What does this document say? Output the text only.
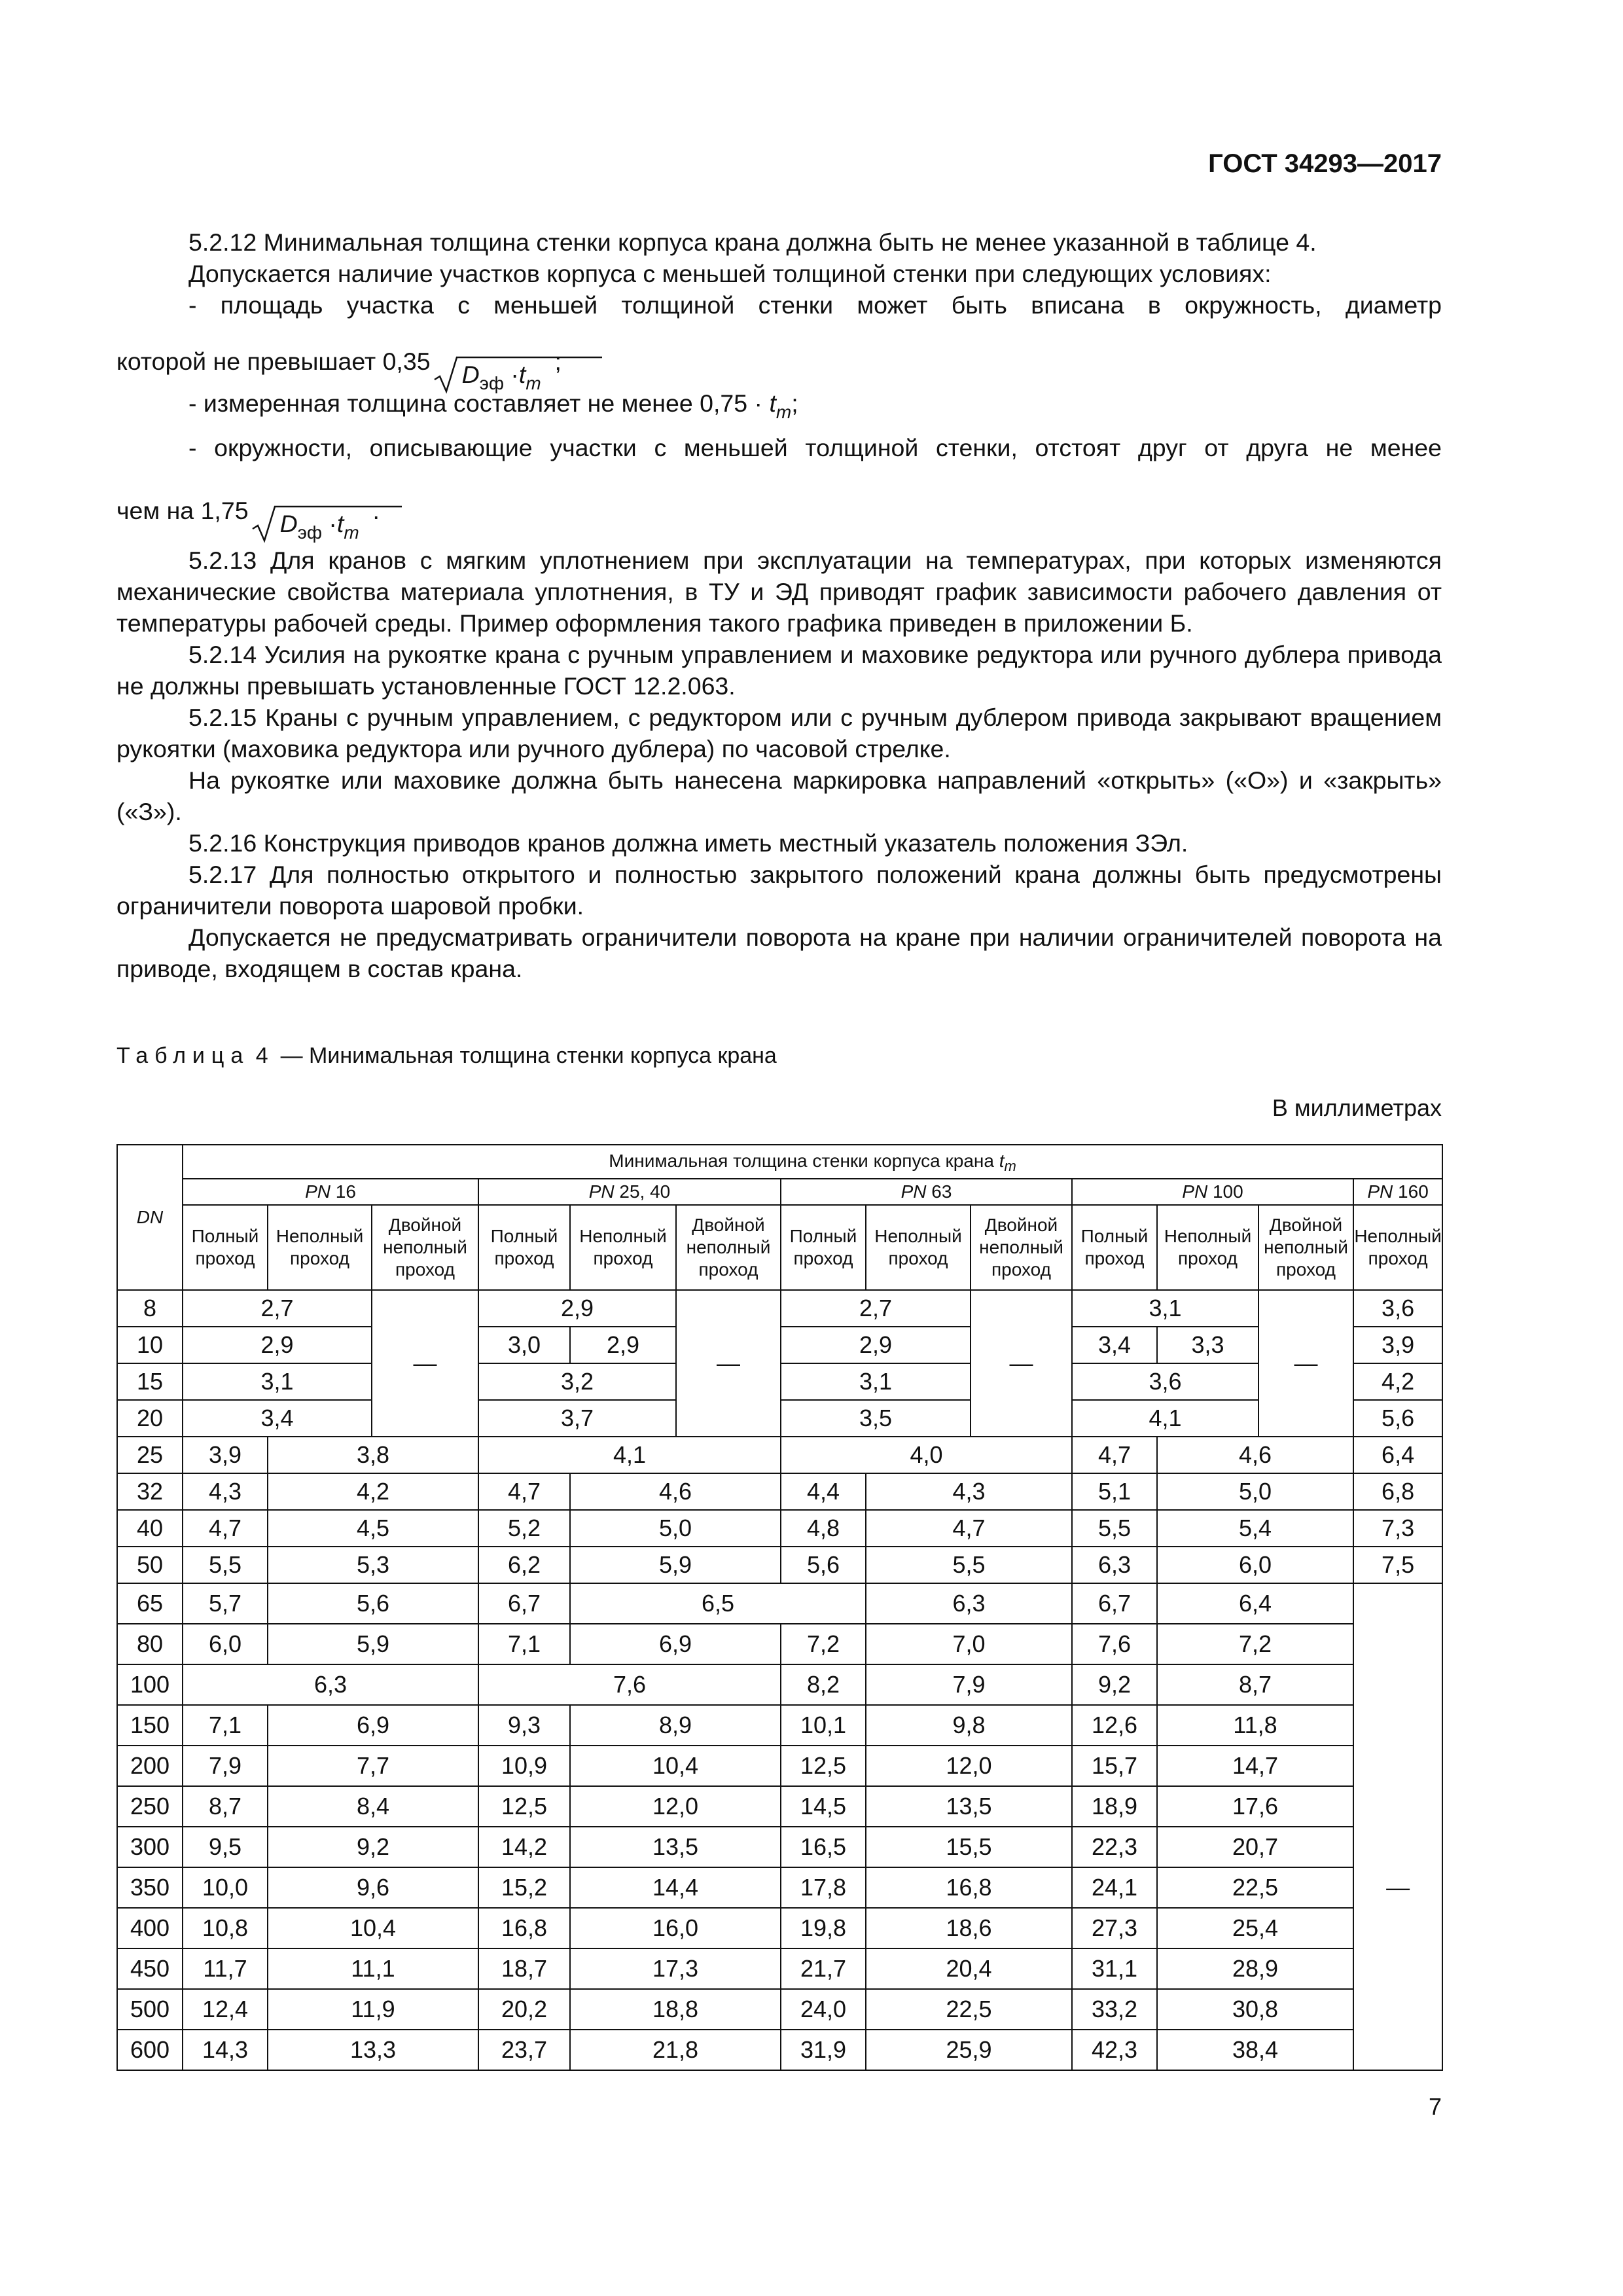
ГОСТ 34293—2017

5.2.12 Минимальная толщина стенки корпуса крана должна быть не менее указанной в таблице 4.

Допускается наличие участков корпуса с меньшей толщиной стенки при следующих условиях:

- площадь участка с меньшей толщиной стенки может быть вписана в окружность, диаметр

которой не превышает 0,35 $D_{эф} \cdot t_m$  ;

- измеренная толщина составляет не менее $0,75 \cdot t_m$;

- окружности, описывающие участки с меньшей толщиной стенки, отстоят друг от друга не менее

чем на 1,75 $D_{эф} \cdot t_m$  .

5.2.13 Для кранов с мягким уплотнением при эксплуатации на температурах, при которых изменяются механические свойства материала уплотнения, в ТУ и ЭД приводят график зависимости рабочего давления от температуры рабочей среды. Пример оформления такого графика приведен в приложении Б.

5.2.14 Усилия на рукоятке крана с ручным управлением и маховике редуктора или ручного дублера привода не должны превышать установленные ГОСТ 12.2.063.

5.2.15 Краны с ручным управлением, с редуктором или с ручным дублером привода закрывают вращением рукоятки (маховика редуктора или ручного дублера) по часовой стрелке.

На рукоятке или маховике должна быть нанесена маркировка направлений «открыть» («О») и «закрыть» («З»).

5.2.16 Конструкция приводов кранов должна иметь местный указатель положения ЗЭл.

5.2.17 Для полностью открытого и полностью закрытого положений крана должны быть предусмотрены ограничители поворота шаровой пробки.

Допускается не предусматривать ограничители поворота на кране при наличии ограничителей поворота на приводе, входящем в состав крана.

Таблица 4 — Минимальная толщина стенки корпуса крана
В миллиметрах
DN	Минимальная толщина стенки корпуса крана $t_m$
	PN 16			PN 25, 40			PN 63			PN 100			PN 160
	Полный проход	Неполный проход	Двойной неполный проход	Полный проход	Неполный проход	Двойной неполный проход	Полный проход	Неполный проход	Двойной неполный проход	Полный проход	Неполный проход	Двойной неполный проход	Неполный проход
8	2,7		—	2,9		—	2,7		—	3,1		—	3,6
10	2,9			3,0	2,9		2,9			3,4	3,3		3,9
15	3,1			3,2			3,1			3,6			4,2
20	3,4			3,7			3,5			4,1			5,6
25	3,9	3,8		4,1			4,0			4,7	4,6		6,4
32	4,3	4,2		4,7	4,6		4,4	4,3		5,1	5,0		6,8
40	4,7	4,5		5,2	5,0		4,8	4,7		5,5	5,4		7,3
50	5,5	5,3		6,2	5,9		5,6	5,5		6,3	6,0		7,5
65	5,7	5,6		6,7	6,5			6,3		6,7	6,4		
80	6,0	5,9		7,1	6,9		7,2	7,0		7,6	7,2		
100	6,3			7,6			8,2	7,9		9,2	8,7		
150	7,1	6,9		9,3	8,9		10,1	9,8		12,6	11,8		—
200	7,9	7,7		10,9	10,4		12,5	12,0		15,7	14,7		
250	8,7	8,4		12,5	12,0		14,5	13,5		18,9	17,6		
300	9,5	9,2		14,2	13,5		16,5	15,5		22,3	20,7		
350	10,0	9,6		15,2	14,4		17,8	16,8		24,1	22,5		
400	10,8	10,4		16,8	16,0		19,8	18,6		27,3	25,4		
450	11,7	11,1		18,7	17,3		21,7	20,4		31,1	28,9		
500	12,4	11,9		20,2	18,8		24,0	22,5		33,2	30,8		
600	14,3	13,3		23,7	21,8		31,9	25,9		42,3	38,4		
7
